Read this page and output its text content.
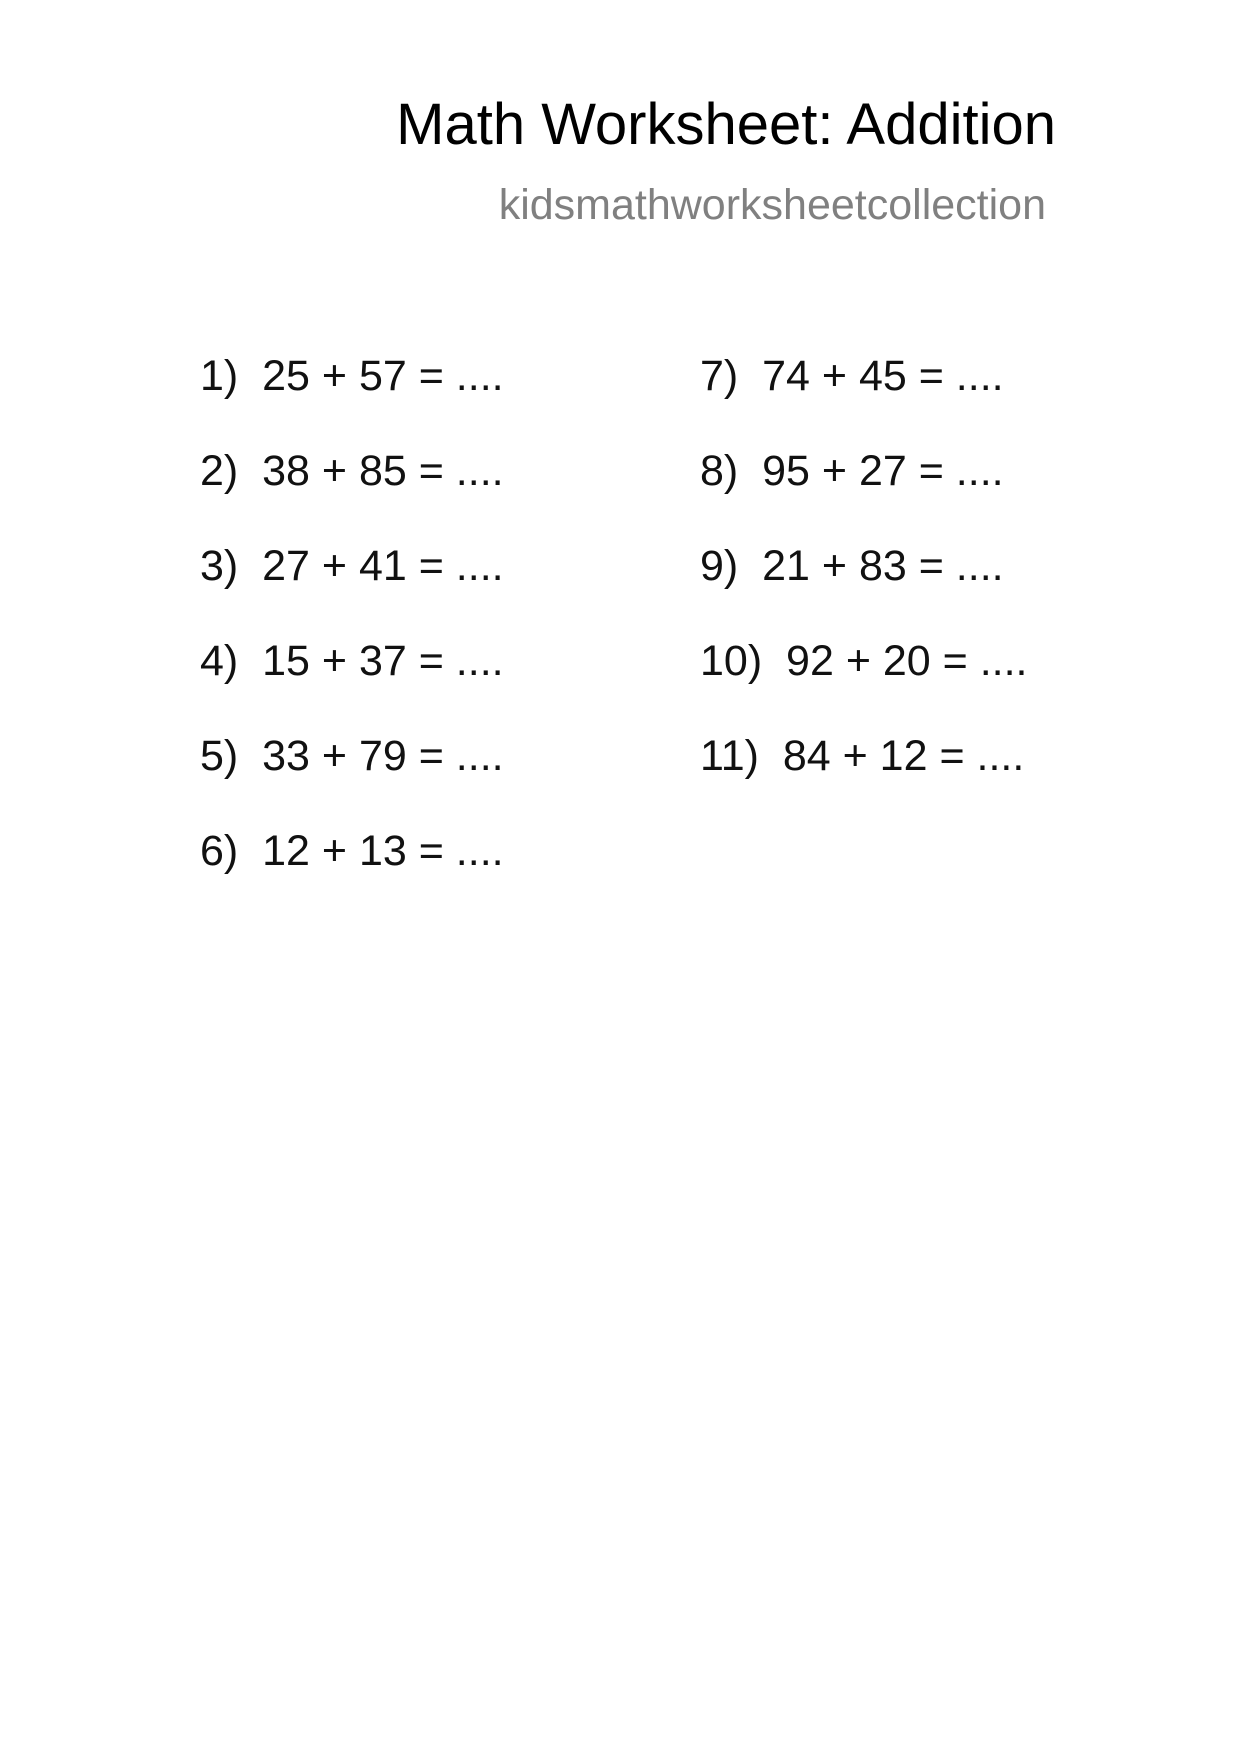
Math Worksheet: Addition
kidsmathworksheetcollection
1)  25 + 57 = ....
2)  38 + 85 = ....
3)  27 + 41 = ....
4)  15 + 37 = ....
5)  33 + 79 = ....
6)  12 + 13 = ....
7)  74 + 45 = ....
8)  95 + 27 = ....
9)  21 + 83 = ....
10)  92 + 20 = ....
11)  84 + 12 = ....
